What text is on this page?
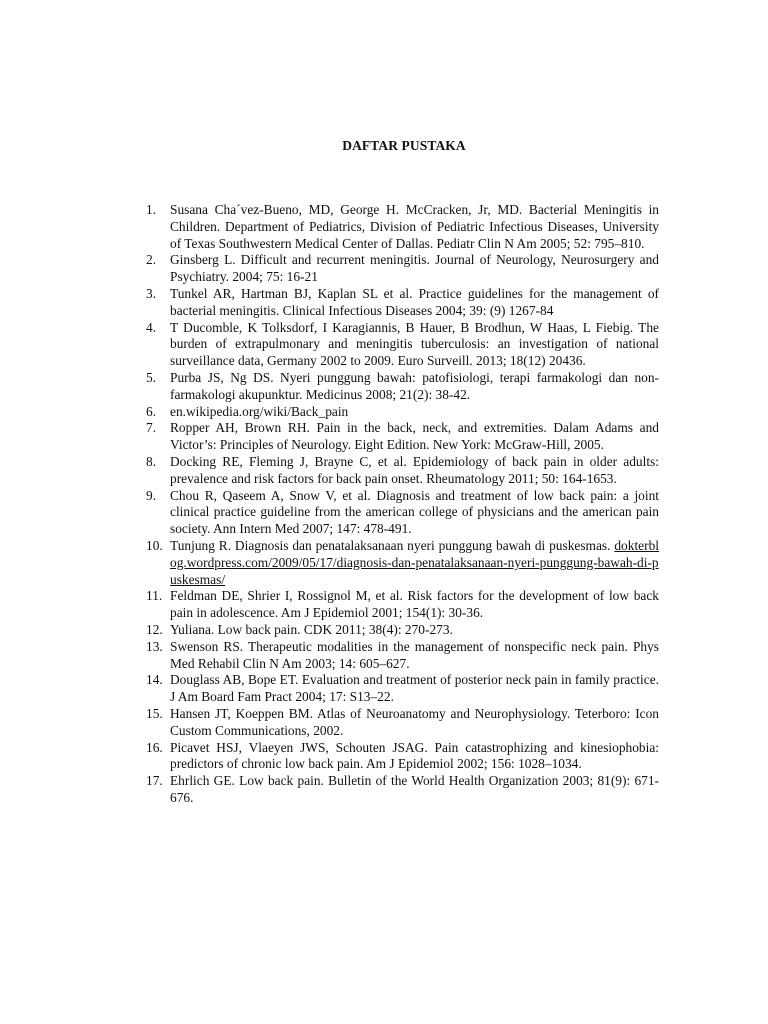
DAFTAR PUSTAKA
1.	Susana Cha´vez-Bueno, MD, George H. McCracken, Jr, MD. Bacterial Meningitis in Children. Department of Pediatrics, Division of Pediatric Infectious Diseases, University of Texas Southwestern Medical Center of Dallas. Pediatr Clin N Am 2005; 52: 795–810.
2.	Ginsberg L. Difficult and recurrent meningitis. Journal of Neurology, Neurosurgery and Psychiatry. 2004; 75: 16-21
3.	Tunkel AR, Hartman BJ, Kaplan SL et al. Practice guidelines for the management of bacterial meningitis. Clinical Infectious Diseases 2004; 39: (9) 1267-84
4.	T Ducomble, K Tolksdorf, I Karagiannis, B Hauer, B Brodhun, W Haas, L Fiebig. The burden of extrapulmonary and meningitis tuberculosis: an investigation of national surveillance data, Germany 2002 to 2009. Euro Surveill. 2013; 18(12) 20436.
5.	Purba JS, Ng DS. Nyeri punggung bawah: patofisiologi, terapi farmakologi dan non-farmakologi akupunktur. Medicinus 2008; 21(2): 38-42.
6.	en.wikipedia.org/wiki/Back_pain
7.	Ropper AH, Brown RH. Pain in the back, neck, and extremities. Dalam Adams and Victor’s: Principles of Neurology. Eight Edition. New York: McGraw-Hill, 2005.
8.	Docking RE, Fleming J, Brayne C, et al. Epidemiology of back pain in older adults: prevalence and risk factors for back pain onset. Rheumatology 2011; 50: 164-1653.
9.	Chou R, Qaseem A, Snow V, et al. Diagnosis and treatment of low back pain: a joint clinical practice guideline from the american college of physicians and the american pain society. Ann Intern Med 2007; 147: 478-491.
10. Tunjung R. Diagnosis dan penatalaksanaan nyeri punggung bawah di puskesmas. dokterblog.wordpress.com/2009/05/17/diagnosis-dan-penatalaksanaan-nyeri-punggung-bawah-di-puskesmas/
11. Feldman DE, Shrier I, Rossignol M, et al. Risk factors for the development of low back pain in adolescence. Am J Epidemiol 2001; 154(1): 30-36.
12. Yuliana. Low back pain. CDK 2011; 38(4): 270-273.
13. Swenson RS. Therapeutic modalities in the management of nonspecific neck pain. Phys Med Rehabil Clin N Am 2003; 14: 605–627.
14. Douglass AB, Bope ET. Evaluation and treatment of posterior neck pain in family practice. J Am Board Fam Pract 2004; 17: S13–22.
15. Hansen JT, Koeppen BM. Atlas of Neuroanatomy and Neurophysiology. Teterboro: Icon Custom Communications, 2002.
16. Picavet HSJ, Vlaeyen JWS, Schouten JSAG. Pain catastrophizing and kinesiophobia: predictors of chronic low back pain. Am J Epidemiol 2002; 156: 1028–1034.
17. Ehrlich GE. Low back pain. Bulletin of the World Health Organization 2003; 81(9): 671-676.
